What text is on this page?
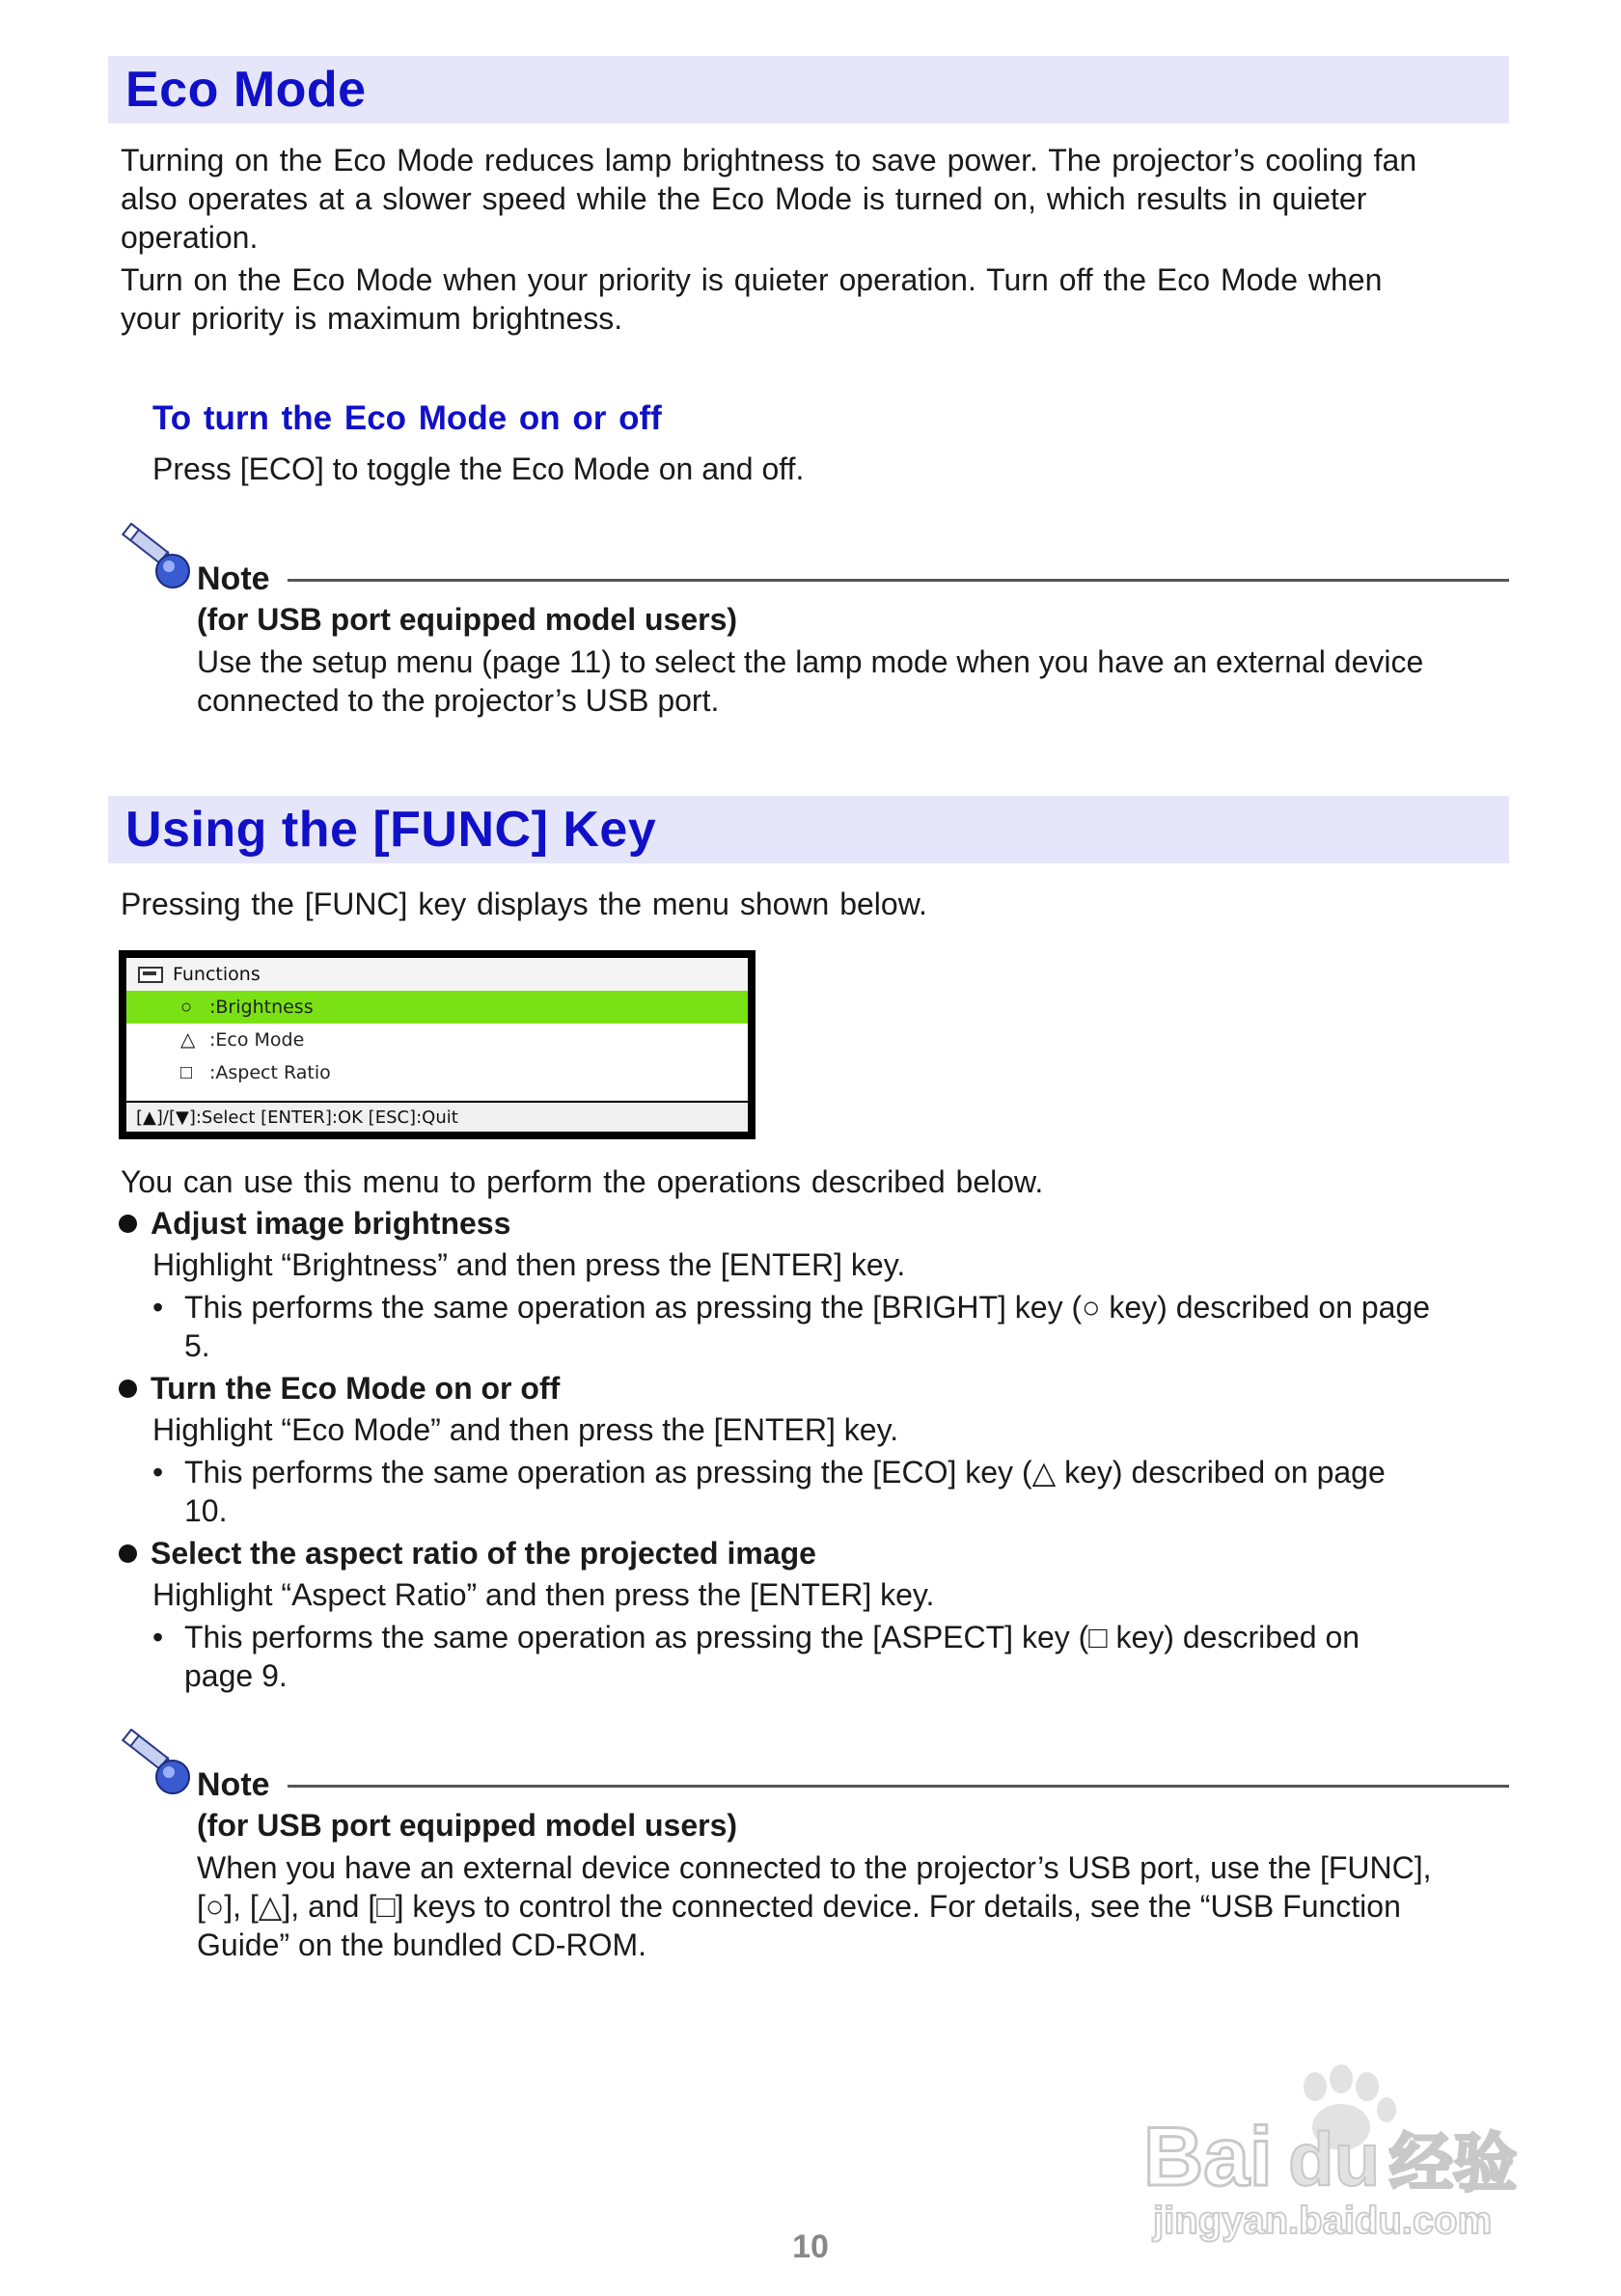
Eco Mode

Turning on the Eco Mode reduces lamp brightness to save power. The projector’s cooling fan also operates at a slower speed while the Eco Mode is turned on, which results in quieter operation.

Turn on the Eco Mode when your priority is quieter operation. Turn off the Eco Mode when your priority is maximum brightness.

To turn the Eco Mode on or off

Press [ECO] to toggle the Eco Mode on and off.

Note
(for USB port equipped model users)

Use the setup menu (page 11) to select the lamp mode when you have an external device connected to the projector’s USB port.

Using the [FUNC] Key

Pressing the [FUNC] key displays the menu shown below.

Functions
○ :Brightness
△ :Eco Mode
□ :Aspect Ratio
[▲]/[▼]:Select [ENTER]:OK [ESC]:Quit

You can use this menu to perform the operations described below.

Adjust image brightness

Highlight “Brightness” and then press the [ENTER] key.

• This performs the same operation as pressing the [BRIGHT] key (○ key) described on page 5.

Turn the Eco Mode on or off

Highlight “Eco Mode” and then press the [ENTER] key.

• This performs the same operation as pressing the [ECO] key (△ key) described on page 10.

Select the aspect ratio of the projected image

Highlight “Aspect Ratio” and then press the [ENTER] key.

• This performs the same operation as pressing the [ASPECT] key (□ key) described on page 9.

Note
(for USB port equipped model users)

When you have an external device connected to the projector’s USB port, use the [FUNC], [○], [△], and [□] keys to control the connected device. For details, see the “USB Function Guide” on the bundled CD-ROM.

Bai du 经验
jingyan.baidu.com
10
